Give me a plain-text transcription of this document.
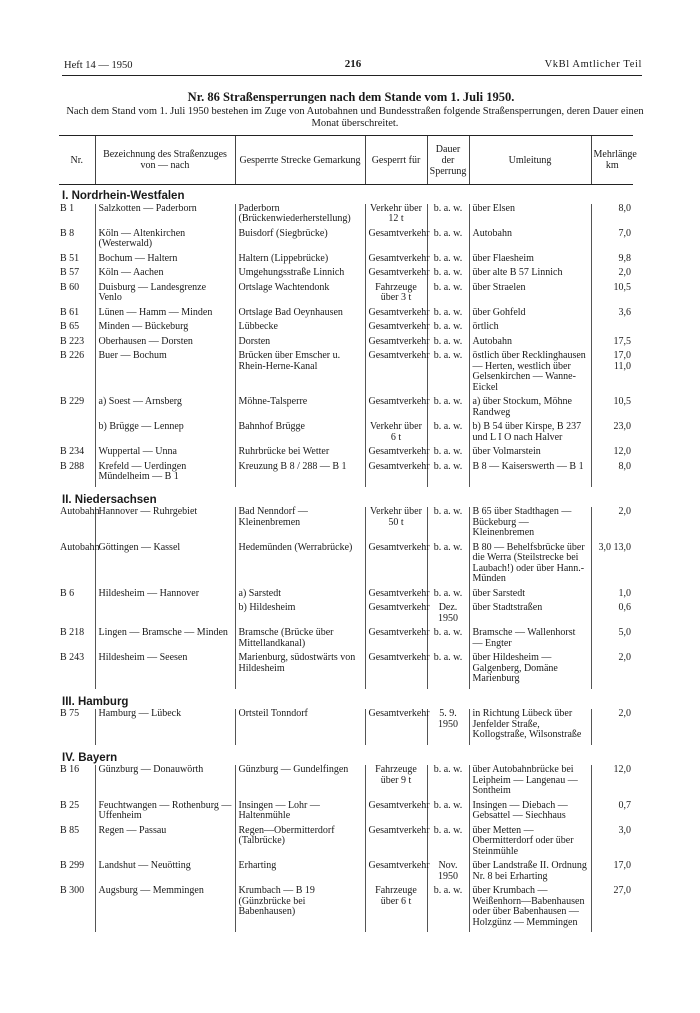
Heft 14 — 1950	216	VkBl Amtlicher Teil
Nr. 86 Straßensperrungen nach dem Stande vom 1. Juli 1950.
Nach dem Stand vom 1. Juli 1950 bestehen im Zuge von Autobahnen und Bundesstraßen folgende Straßensperrungen, deren Dauer einen Monat überschreitet.
Nr.	Bezeichnung des Straßenzuges von — nach	Gesperrte Strecke Gemarkung	Gesperrt für	Dauer der Sperrung	Umleitung	Mehrlänge km
I. Nordrhein-Westfalen						
B 1	Salzkotten — Paderborn	Paderborn (Brückenwiederherstellung)	Verkehr über 12 t	b. a. w.	über Elsen	8,0

B 8	Köln — Altenkirchen (Westerwald)	Buisdorf (Siegbrücke)	Gesamtverkehr	b. a. w.	Autobahn	7,0

B 51	Bochum — Haltern	Haltern (Lippebrücke)	Gesamtverkehr	b. a. w.	über Flaesheim	9,8

B 57	Köln — Aachen	Umgehungsstraße Linnich	Gesamtverkehr	b. a. w.	über alte B 57 Linnich	2,0

B 60	Duisburg — Landesgrenze Venlo	Ortslage Wachtendonk	Fahrzeuge über 3 t	b. a. w.	über Straelen	10,5

B 61	Lünen — Hamm — Minden	Ortslage Bad Oeynhausen	Gesamtverkehr	b. a. w.	über Gohfeld	3,6

B 65	Minden — Bückeburg	Lübbecke	Gesamtverkehr	b. a. w.	örtlich	

B 223	Oberhausen — Dorsten	Dorsten	Gesamtverkehr	b. a. w.	Autobahn	17,5

B 226	Buer — Bochum	Brücken über Emscher u. Rhein-Herne-Kanal	Gesamtverkehr	b. a. w.	östlich über Recklinghausen — Herten, westlich über Gelsenkirchen — Wanne-Eickel	17,0 11,0

B 229	a) Soest — Arnsberg	Möhne-Talsperre	Gesamtverkehr	b. a. w.	a) über Stockum, Möhne Randweg	10,5

	b) Brügge — Lennep	Bahnhof Brügge	Verkehr über 6 t	b. a. w.	b) B 54 über Kirspe, B 237 und L I O nach Halver	23,0

B 234	Wuppertal — Unna	Ruhrbrücke bei Wetter	Gesamtverkehr	b. a. w.	über Volmarstein	12,0

B 288	Krefeld — Uerdingen Mündelheim — B 1	Kreuzung B 8 / 288 — B 1	Gesamtverkehr	b. a. w.	B 8 — Kaiserswerth — B 1	8,0

II. Niedersachsen						
Autobahn	Hannover — Ruhrgebiet	Bad Nenndorf — Kleinenbremen	Verkehr über 50 t	b. a. w.	B 65 über Stadthagen — Bückeburg — Kleinenbremen	2,0

Autobahn	Göttingen — Kassel	Hedemünden (Werrabrücke)	Gesamtverkehr	b. a. w.	B 80 — Behelfsbrücke über die Werra (Steilstrecke bei Laubach!) oder über Hann.-Münden	3,0 13,0

B 6	Hildesheim — Hannover	a) Sarstedt	Gesamtverkehr	b. a. w.	über Sarstedt	1,0

		b) Hildesheim	Gesamtverkehr	Dez. 1950	über Stadtstraßen	0,6

B 218	Lingen — Bramsche — Minden	Bramsche (Brücke über Mittellandkanal)	Gesamtverkehr	b. a. w.	Bramsche — Wallenhorst — Engter	5,0

B 243	Hildesheim — Seesen	Marienburg, südostwärts von Hildesheim	Gesamtverkehr	b. a. w.	über Hildesheim — Galgenberg, Domäne Marienburg	2,0

III. Hamburg						
B 75	Hamburg — Lübeck	Ortsteil Tonndorf	Gesamtverkehr	5. 9. 1950	in Richtung Lübeck über Jenfelder Straße, Kollogstraße, Wilsonstraße	2,0

IV. Bayern						
B 16	Günzburg — Donauwörth	Günzburg — Gundelfingen	Fahrzeuge über 9 t	b. a. w.	über Autobahnbrücke bei Leipheim — Langenau — Sontheim	12,0

B 25	Feuchtwangen — Rothenburg — Uffenheim	Insingen — Lohr — Haltenmühle	Gesamtverkehr	b. a. w.	Insingen — Diebach — Gebsattel — Siechhaus	0,7

B 85	Regen — Passau	Regen—Obermitterdorf (Talbrücke)	Gesamtverkehr	b. a. w.	über Metten — Obermitterdorf oder über Steinmühle	3,0

B 299	Landshut — Neuötting	Erharting	Gesamtverkehr	Nov. 1950	über Landstraße II. Ordnung Nr. 8 bei Erharting	17,0

B 300	Augsburg — Memmingen	Krumbach — B 19 (Günzbrücke bei Babenhausen)	Fahrzeuge über 6 t	b. a. w.	über Krumbach — Weißenhorn—Babenhausen oder über Babenhausen — Holzgünz — Memmingen	27,0
